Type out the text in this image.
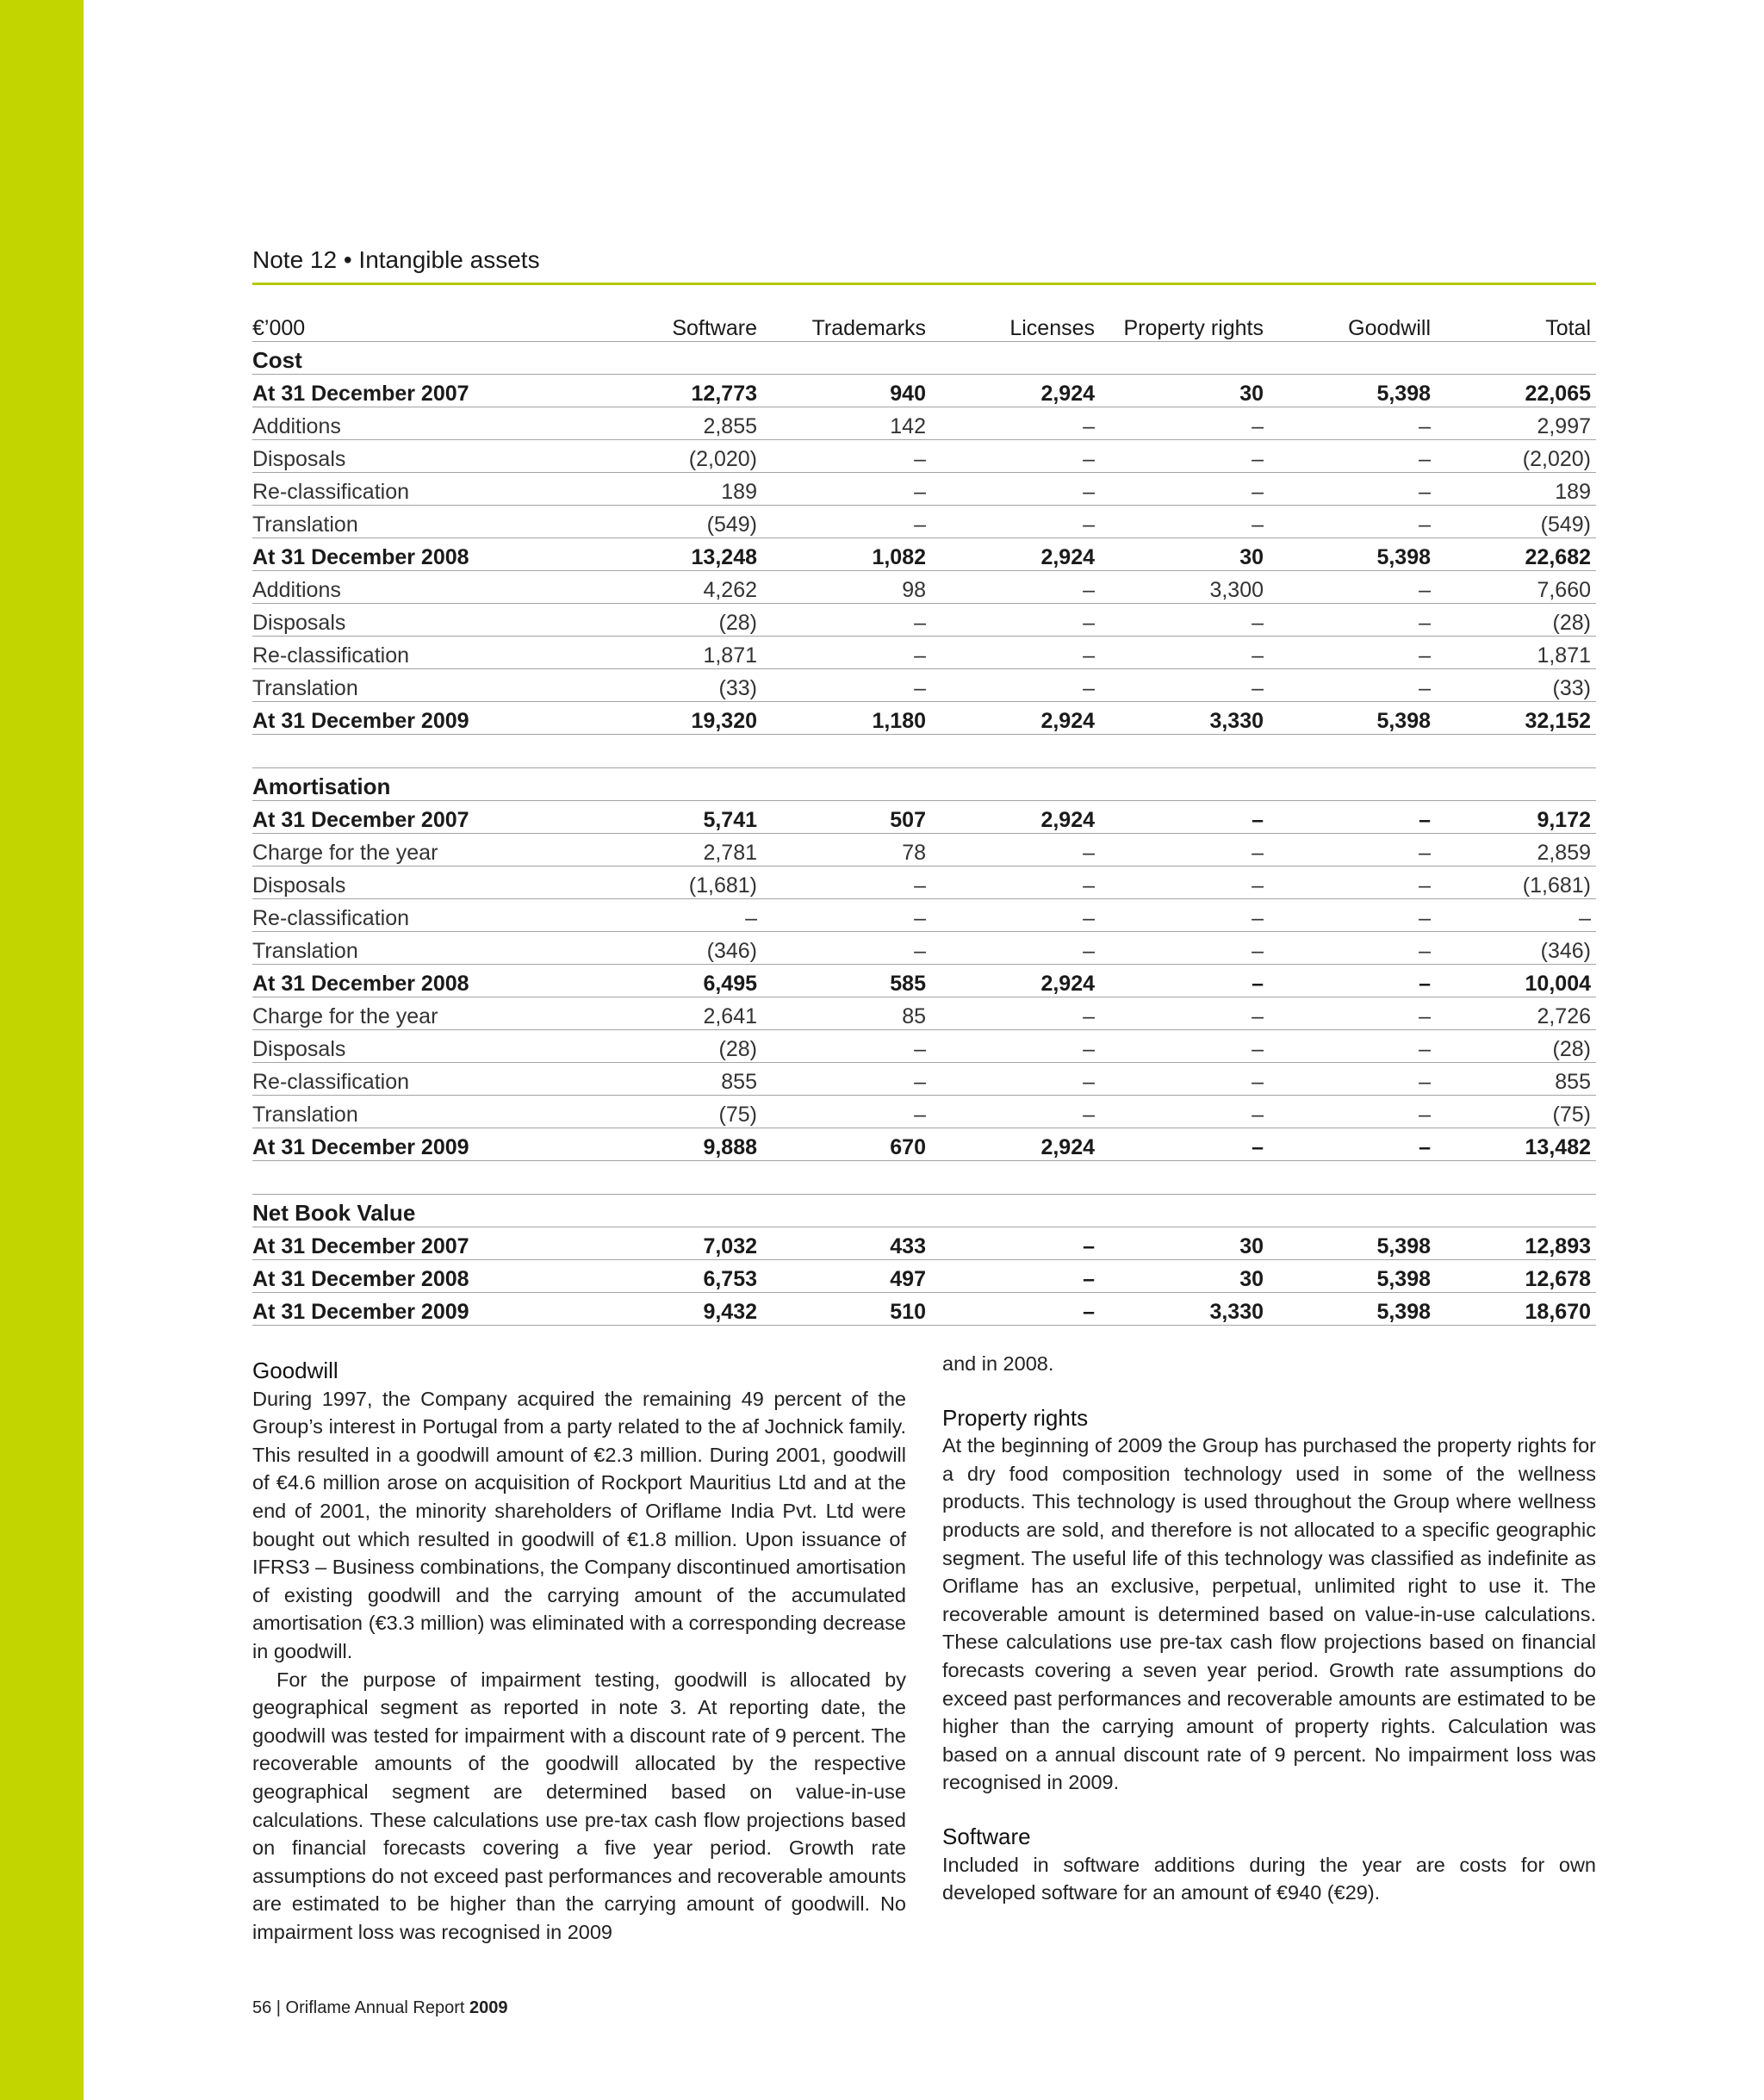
Note 12 • Intangible assets
€’000	Software	Trademarks	Licenses	Property rights	Goodwill	Total
Cost						
At 31 December 2007	12,773	940	2,924	30	5,398	22,065
Additions	2,855	142	–	–	–	2,997
Disposals	(2,020)	–	–	–	–	(2,020)
Re-classification	189	–	–	–	–	189
Translation	(549)	–	–	–	–	(549)
At 31 December 2008	13,248	1,082	2,924	30	5,398	22,682
Additions	4,262	98	–	3,300	–	7,660
Disposals	(28)	–	–	–	–	(28)
Re-classification	1,871	–	–	–	–	1,871
Translation	(33)	–	–	–	–	(33)
At 31 December 2009	19,320	1,180	2,924	3,330	5,398	32,152

Amortisation						
At 31 December 2007	5,741	507	2,924	–	–	9,172
Charge for the year	2,781	78	–	–	–	2,859
Disposals	(1,681)	–	–	–	–	(1,681)
Re-classification	–	–	–	–	–	–
Translation	(346)	–	–	–	–	(346)
At 31 December 2008	6,495	585	2,924	–	–	10,004
Charge for the year	2,641	85	–	–	–	2,726
Disposals	(28)	–	–	–	–	(28)
Re-classification	855	–	–	–	–	855
Translation	(75)	–	–	–	–	(75)
At 31 December 2009	9,888	670	2,924	–	–	13,482

Net Book Value						
At 31 December 2007	7,032	433	–	30	5,398	12,893
At 31 December 2008	6,753	497	–	30	5,398	12,678
At 31 December 2009	9,432	510	–	3,330	5,398	18,670
Goodwill

During 1997, the Company acquired the remaining 49 percent of the Group’s interest in Portugal from a party related to the af Jochnick family. This resulted in a goodwill amount of €2.3 million. During 2001, goodwill of €4.6 million arose on acquisition of Rockport Mauritius Ltd and at the end of 2001, the minority shareholders of Oriflame India Pvt. Ltd were bought out which resulted in goodwill of €1.8 million. Upon issuance of IFRS3 – Business combinations, the Company discontinued amortisation of existing goodwill and the carrying amount of the accumulated amortisation (€3.3 million) was eliminated with a corresponding decrease in goodwill.

For the purpose of impairment testing, goodwill is allocated by geographical segment as reported in note 3. At reporting date, the goodwill was tested for impairment with a discount rate of 9 percent. The recoverable amounts of the goodwill allocated by the respective geographical segment are determined based on value-in-use calculations. These calculations use pre-tax cash flow projections based on financial forecasts covering a five year period. Growth rate assumptions do not exceed past performances and recoverable amounts are estimated to be higher than the carrying amount of goodwill. No impairment loss was recognised in 2009

and in 2008.

Property rights

At the beginning of 2009 the Group has purchased the property rights for a dry food composition technology used in some of the wellness products. This technology is used throughout the Group where wellness products are sold, and therefore is not allocated to a specific geographic segment. The useful life of this technology was classified as indefinite as Oriflame has an exclusive, perpetual, unlimited right to use it. The recoverable amount is determined based on value-in-use calculations. These calculations use pre-tax cash flow projections based on financial forecasts covering a seven year period. Growth rate assumptions do exceed past performances and recoverable amounts are estimated to be higher than the carrying amount of property rights. Calculation was based on a annual discount rate of 9 percent. No impairment loss was recognised in 2009.

Software

Included in software additions during the year are costs for own developed software for an amount of €940 (€29).

56 | Oriflame Annual Report 2009
